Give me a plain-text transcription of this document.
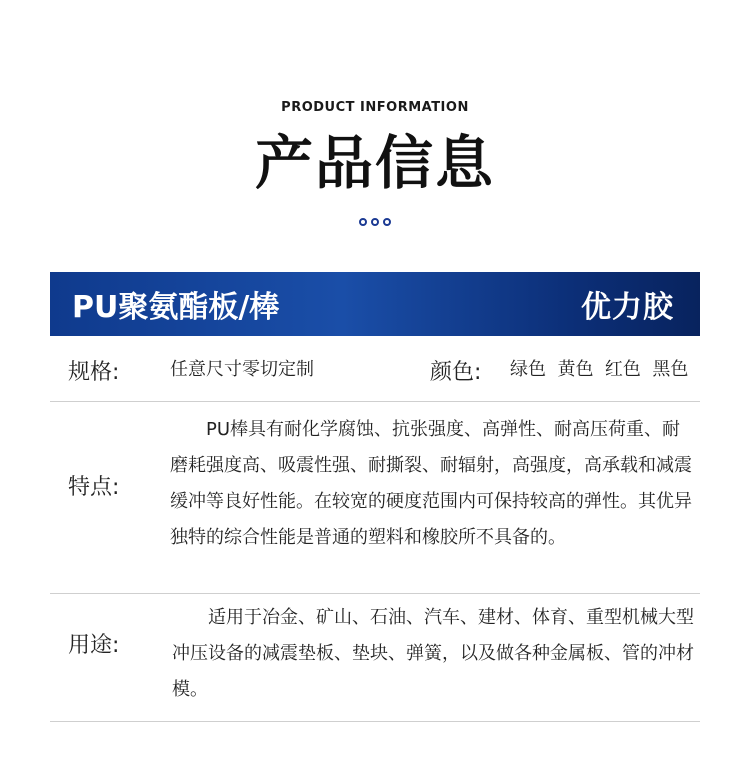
PRODUCT INFORMATION
产品信息
PU聚氨酯板/棒	优力胶
规格:	任意尺寸零切定制	颜色: 绿色  黄色  红色  黑色
特点:
PU棒具有耐化学腐蚀、抗张强度、高弹性、耐高压荷重、耐磨耗强度高、吸震性强、耐撕裂、耐辐射，高强度，高承载和减震缓冲等良好性能。在较宽的硬度范围内可保持较高的弹性。其优异独特的综合性能是普通的塑料和橡胶所不具备的。
用途:
适用于冶金、矿山、石油、汽车、建材、体育、重型机械大型冲压设备的减震垫板、垫块、弹簧，以及做各种金属板、管的冲材模。
